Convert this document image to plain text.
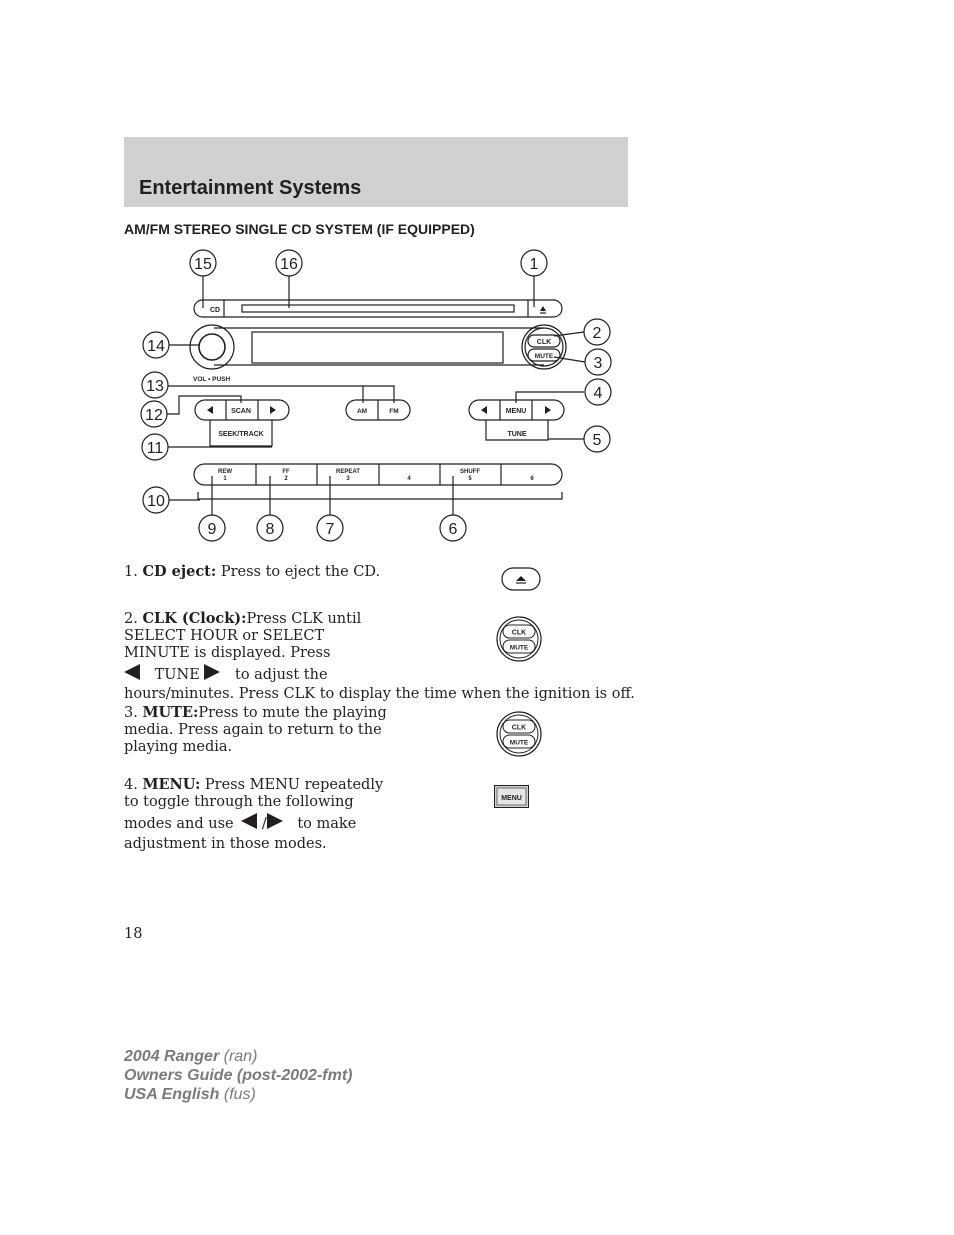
Entertainment Systems
AM/FM STEREO SINGLE CD SYSTEM (IF EQUIPPED)
CD
VOL • PUSH
CLK
MUTE
SCAN
SEEK/TRACK
AM	FM	MENU
TUNE
REW
1
FF
2
REPEAT
3	4
SHUFF
5	6
15	16	1
2
3
4
5
6
7
8
9
10
11
12
13
14
1. CD eject: Press to eject the CD.
2. CLK (Clock):Press CLK until
SELECT HOUR or SELECT
MINUTE is displayed. Press
TUNE to adjust the
hours/minutes. Press CLK to display the time when the ignition is off.
CLK
MUTE
3. MUTE:Press to mute the playing
media. Press again to return to the
playing media.
CLK
MUTE
4. MENU: Press MENU repeatedly
to toggle through the following
modes and use / to make
adjustment in those modes.
MENU
18
2004 Ranger (ran)
Owners Guide (post-2002-fmt)
USA English (fus)
